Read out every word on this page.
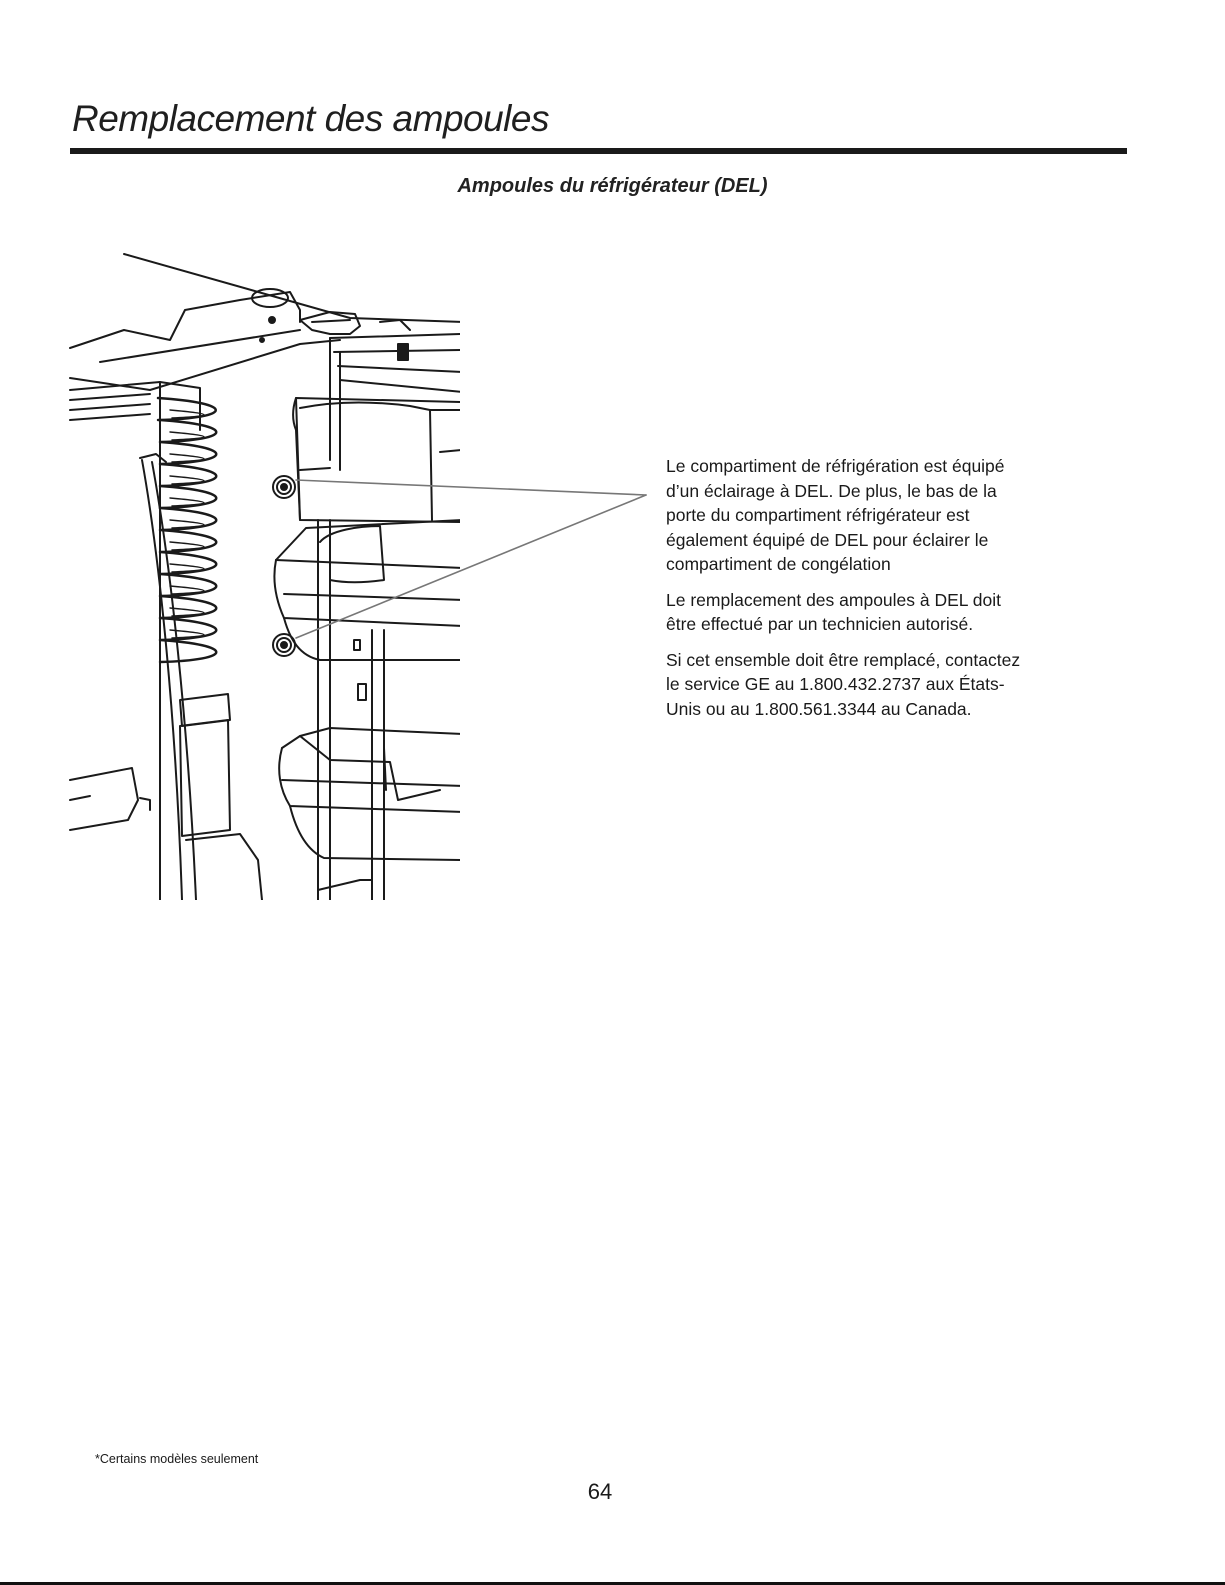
Remplacement des ampoules
Ampoules du réfrigérateur (DEL)

Le compartiment de réfrigération est équipé d’un éclairage à DEL. De plus, le bas de la porte du compartiment réfrigérateur est également équipé de DEL pour éclairer le compartiment de congélation

Le remplacement des ampoules à DEL doit être effectué par un technicien autorisé.

Si cet ensemble doit être remplacé, contactez le service GE au 1.800.432.2737 aux États-Unis ou au 1.800.561.3344 au Canada.

*Certains modèles seulement
64
